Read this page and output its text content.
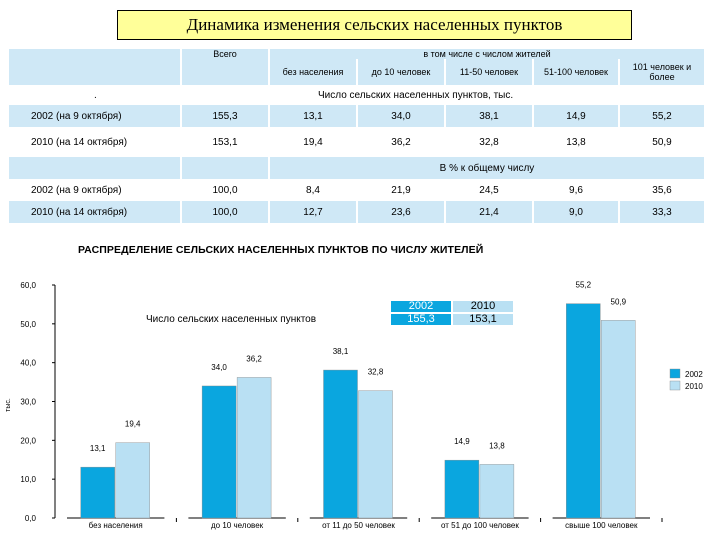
Динамика изменения сельских населенных пунктов
	Всего	в том числе с числом жителей				
		без населения	до 10 человек	11-50 человек	51-100 человек	101 человек и более
.	Число сельских населенных пунктов, тыс.					
2002 (на 9 октября)	155,3	13,1	34,0	38,1	14,9	55,2
2010 (на 14 октября)	153,1	19,4	36,2	32,8	13,8	50,9
		В % к общему числу				
2002 (на 9 октября)	100,0	8,4	21,9	24,5	9,6	35,6
2010 (на 14 октября)	100,0	12,7	23,6	21,4	9,0	33,3
РАСПРЕДЕЛЕНИЕ СЕЛЬСКИХ НАСЕЛЕННЫХ ПУНКТОВ ПО ЧИСЛУ ЖИТЕЛЕЙ
0,0
10,0
20,0
30,0
40,0
50,0
60,0
тыс.
без населения
13,1
19,4
до 10 человек
34,0
36,2
от 11 до 50 человек
38,1
32,8
от 51 до 100 человек
14,9 13,8
свыше 100 человек
55,2
50,9
2002
2010
Число сельских населенных пунктов
2002	2010
155,3	153,1
